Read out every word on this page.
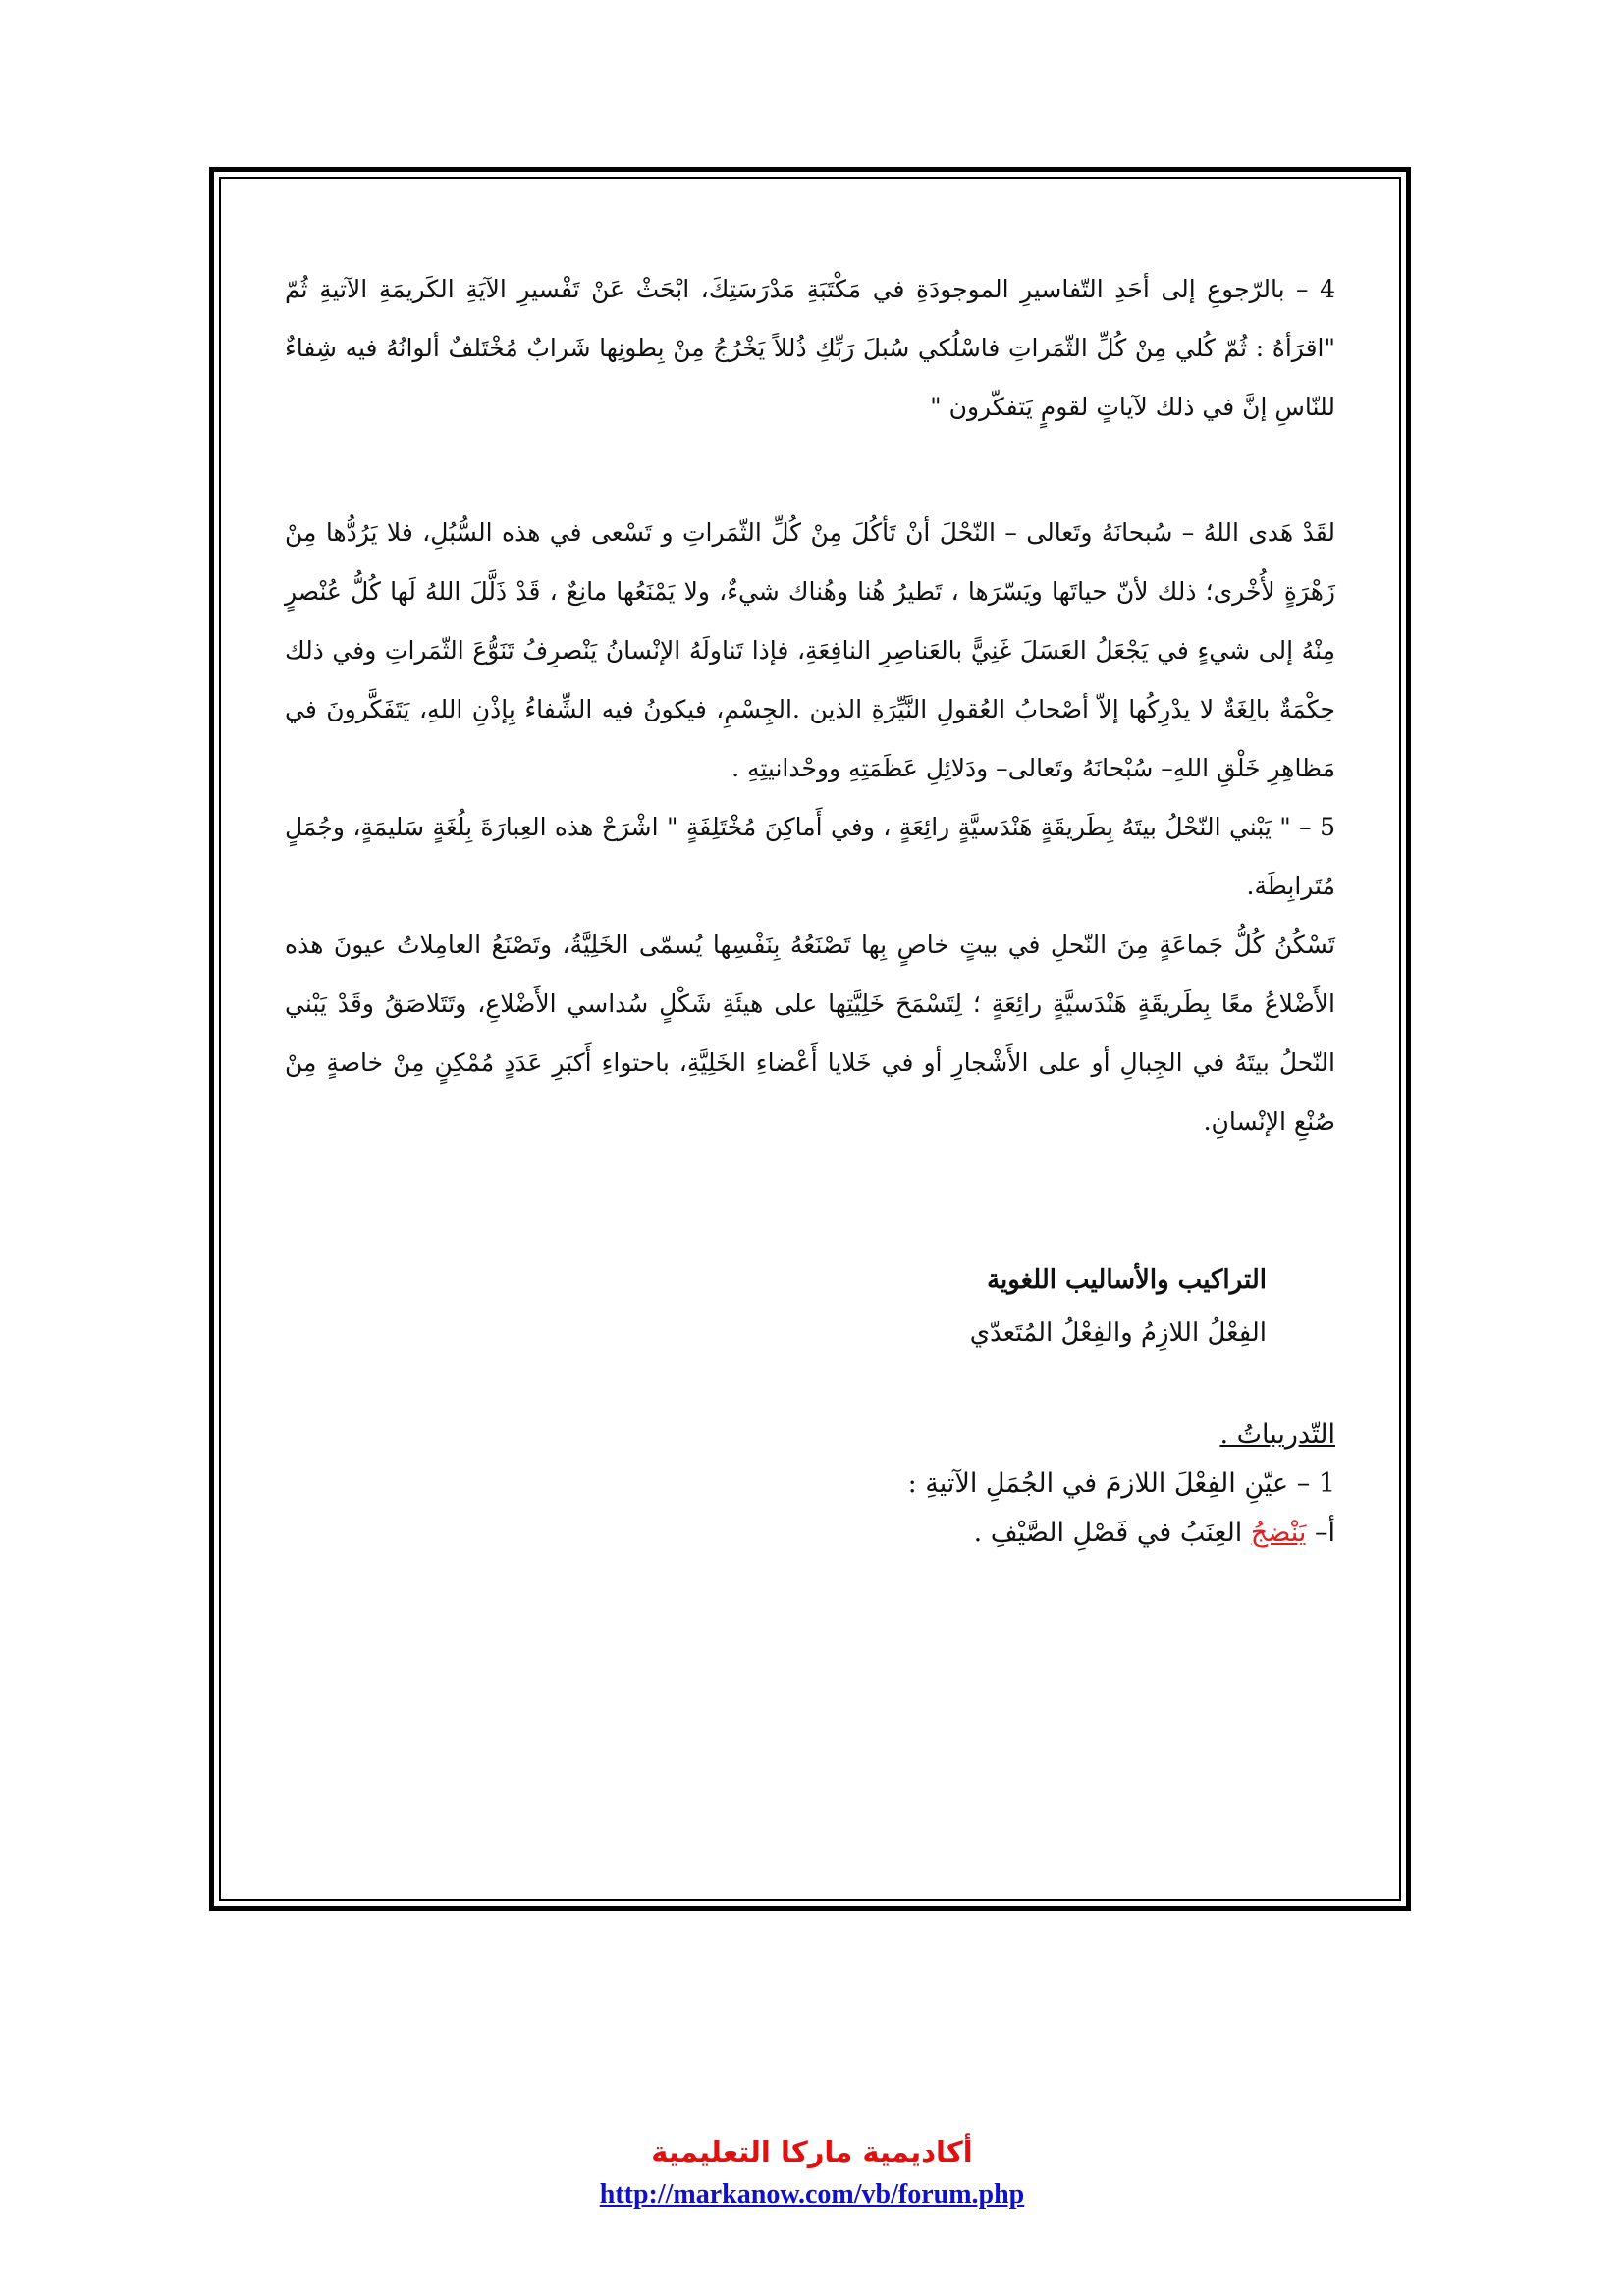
4 – بالرّجوعِ إلى أحَدِ التّفاسيرِ الموجودَةِ في مَكْتَبَةِ مَدْرَسَتِكَ، ابْحَثْ عَنْ تَفْسيرِ الآيَةِ الكَريمَةِ الآتيةِ ثُمّ "اقرَأهُ : ثُمّ كُلي مِنْ كُلِّ الثّمَراتِ فاسْلُكي سُبلَ رَبِّكِ ذُللاً يَخْرُجُ مِنْ بِطونِها شَرابٌ مُخْتَلفٌ ألوانُهُ فيه شِفاءٌ للنّاسِ إنَّ في ذلك لآياتٍ لقومٍ يَتفكّرون "

لقَدْ هَدى اللهُ – سُبحانَهُ وتَعالى – النّحْلَ أنْ تَأكُلَ مِنْ كُلِّ الثّمَراتِ و تَسْعى في هذه السُّبُلِ، فلا يَرُدُّها مِنْ زَهْرَةٍ لأُخْرى؛ ذلك لأنّ حياتَها ويَسّرَها ، تَطيرُ هُنا وهُناك شيءٌ، ولا يَمْنَعُها مانِعٌ ، قَدْ ذَلَّلَ اللهُ لَها كُلُّ عُنْصرٍ مِنْهُ إلى شيءٍ في يَجْعَلُ العَسَلَ غَنِيًّ بالعَناصِرِ النافِعَةِ، فإذا تَناولَهُ الإنْسانُ يَنْصرِفُ تَنَوُّعَ الثّمَراتِ وفي ذلك حِكْمَةٌ بالِغَةٌ لا يدْرِكُها إلاّ أصْحابُ العُقولِ النَّيِّرَةِ الذين .الجِسْمِ، فيكونُ فيه الشِّفاءُ بِإذْنِ اللهِ، يَتَفَكَّرونَ في مَظاهِرِ خَلْقِ اللهِ– سُبْحانَهُ وتَعالى– ودَلائِلِ عَظَمَتِهِ ووحْدانيتِهِ .

5 – " يَبْني النّحْلُ بيتَهُ بِطَريقَةٍ هَنْدَسيَّةٍ رائِعَةٍ ، وفي أَماكِنَ مُخْتَلِفَةٍ " اشْرَحْ هذه العِبارَةَ بِلُغَةٍ سَليمَةٍ، وجُمَلٍ مُتَرابِطَة.

تَسْكُنُ كُلُّ جَماعَةٍ مِنَ النّحلِ في بيتٍ خاصٍ بِها تَصْنَعُهُ بِنَفْسِها يُسمّى الخَلِيَّةُ، وتَصْنَعُ العامِلاتُ عيونَ هذه الأَضْلاعُ معًا بِطَريقَةٍ هَنْدَسيَّةٍ رائِعَةٍ ؛ لِتَسْمَحَ خَلِيَّتِها على هيئَةِ شَكْلٍ سُداسي الأَضْلاعِ، وتَتَلاصَقُ وقَدْ يَبْني النّحلُ بيتَهُ في الجِبالِ أو على الأَشْجارِ أو في خَلايا أَعْضاءِ الخَلِيَّةِ، باحتواءِ أَكبَرِ عَدَدٍ مُمْكِنٍ مِنْ خاصةٍ مِنْ صُنْعِ الإنْسانِ.

التراكيب والأساليب اللغوية

الفِعْلُ اللازِمُ والفِعْلُ المُتَعدّي

التّدريباتُ .

1 – عيّنِ الفِعْلَ اللازمَ في الجُمَلِ الآتيةِ :

أ– يَنْضجُ العِنَبُ في فَصْلِ الصَّيْفِ .

أكاديمية ماركا التعليمية
http://markanow.com/vb/forum.php
